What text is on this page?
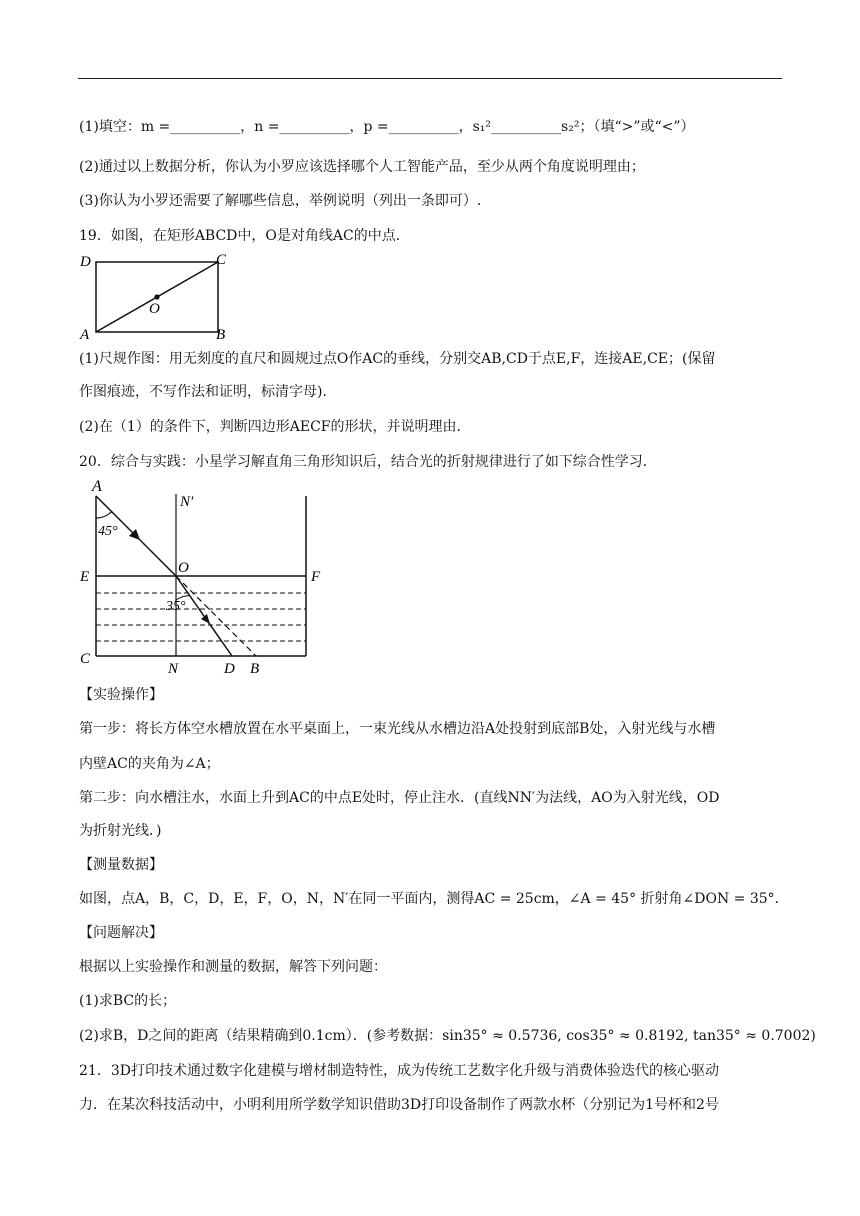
(1)填空：m =__________，n =__________，p =__________，s₁²__________s₂²；（填“>”或“<”）
(2)通过以上数据分析，你认为小罗应该选择哪个人工智能产品，至少从两个角度说明理由；
(3)你认为小罗还需要了解哪些信息，举例说明（列出一条即可）.
19．如图，在矩形ABCD中，O是对角线AC的中点．
D	C
A	B
O
(1)尺规作图：用无刻度的直尺和圆规过点O作AC的垂线，分别交AB,CD于点E,F，连接AE,CE；(保留
作图痕迹，不写作法和证明，标清字母)．
(2)在（1）的条件下，判断四边形AECF的形状，并说明理由．
20．综合与实践：小星学习解直角三角形知识后，结合光的折射规律进行了如下综合性学习．
A
N′
45°
E
O
F
35°
C
N	D B
【实验操作】
第一步：将长方体空水槽放置在水平桌面上，一束光线从水槽边沿A处投射到底部B处，入射光线与水槽
内壁AC的夹角为∠A；
第二步：向水槽注水，水面上升到AC的中点E处时，停止注水．(直线NN′为法线，AO为入射光线，OD
为折射光线．)
【测量数据】
如图，点A，B，C，D，E，F，O，N，N′在同一平面内，测得AC = 25cm，∠A = 45° 折射角∠DON = 35°．
【问题解决】
根据以上实验操作和测量的数据，解答下列问题：
(1)求BC的长；
(2)求B，D之间的距离（结果精确到0.1cm）．(参考数据：sin35° ≈ 0.5736, cos35° ≈ 0.8192, tan35° ≈ 0.7002)
21．3D打印技术通过数字化建模与增材制造特性，成为传统工艺数字化升级与消费体验迭代的核心驱动
力．在某次科技活动中，小明利用所学数学知识借助3D打印设备制作了两款水杯（分别记为1号杯和2号
